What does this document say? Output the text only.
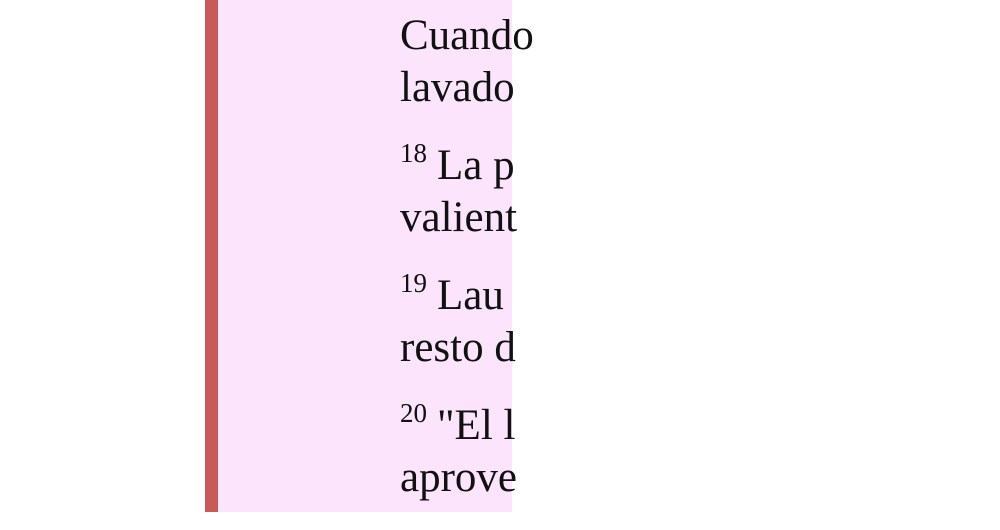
Cuando
lavado

$^{18}$ La p
valient

$^{19}$ Lau
resto d

$^{20}$ "El l
aprove
